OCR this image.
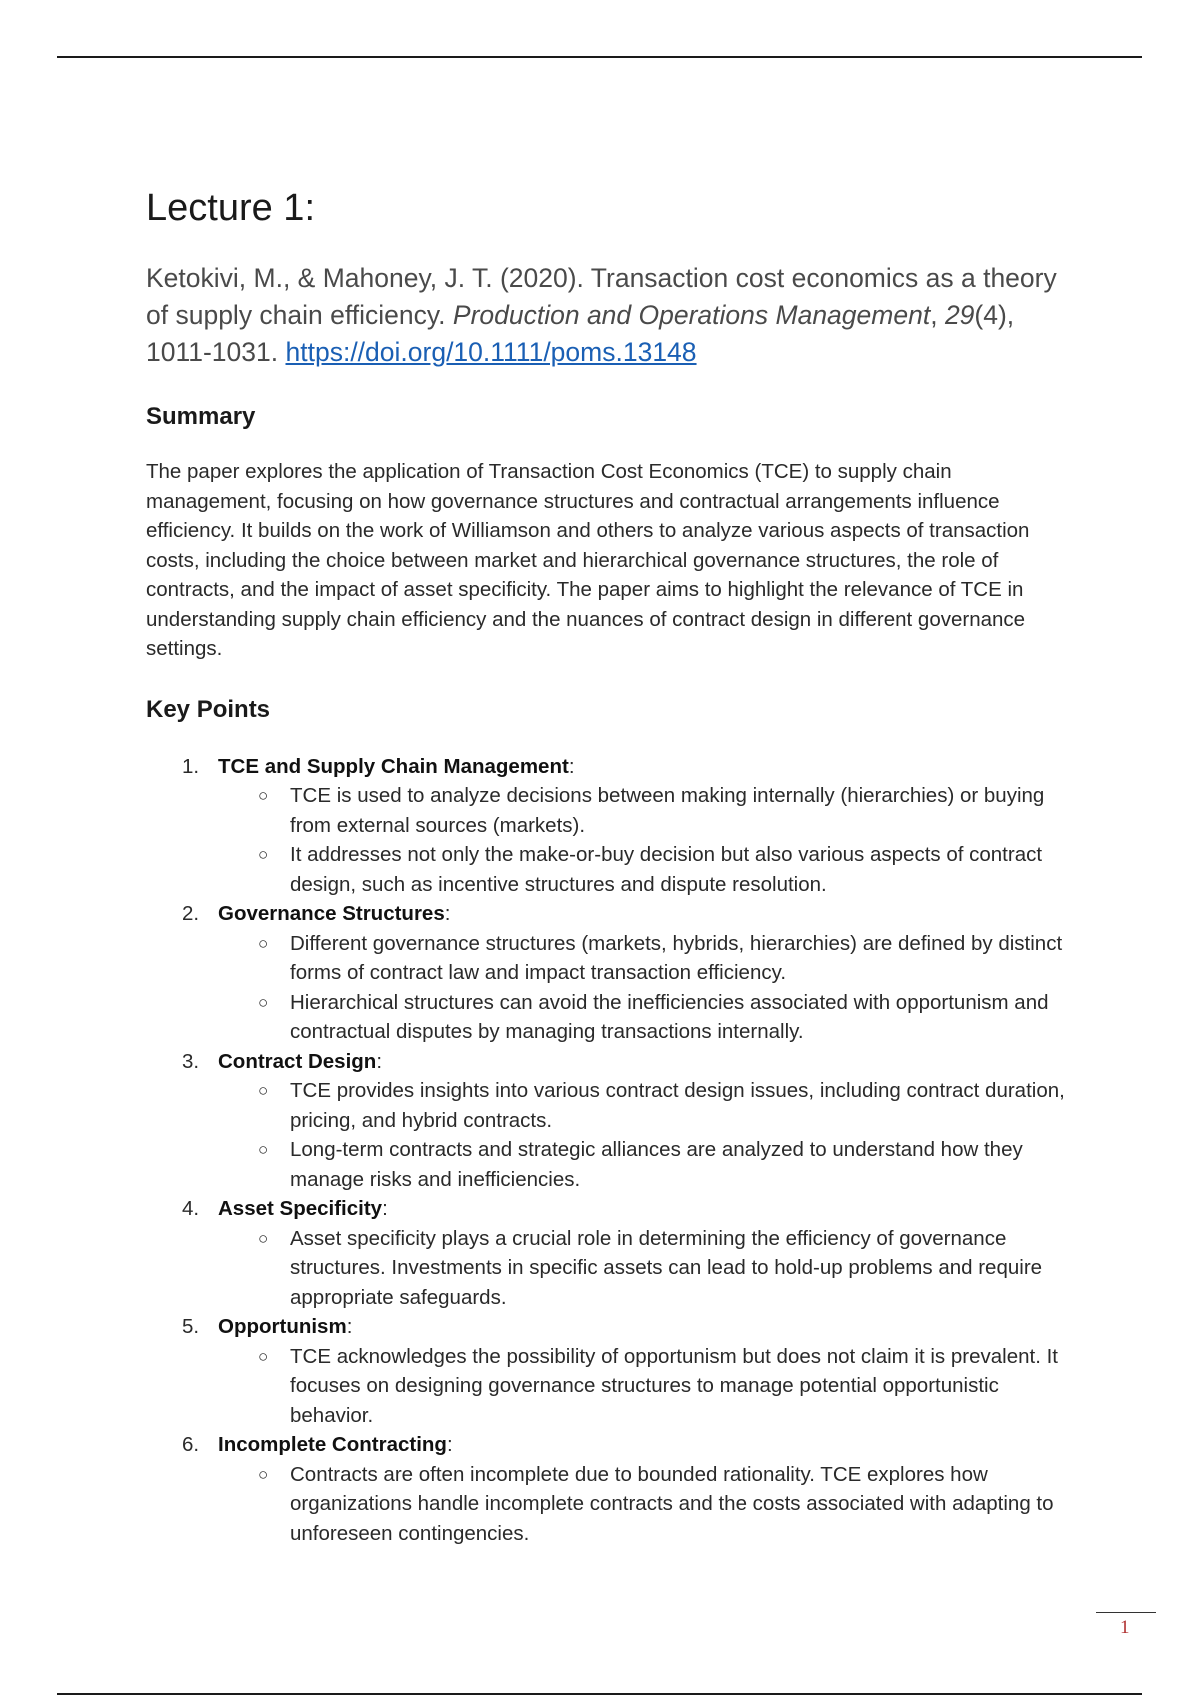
Lecture 1:
Ketokivi, M., & Mahoney, J. T. (2020). Transaction cost economics as a theory of supply chain efficiency. Production and Operations Management, 29(4), 1011-1031. https://doi.org/10.1111/poms.13148
Summary

The paper explores the application of Transaction Cost Economics (TCE) to supply chain management, focusing on how governance structures and contractual arrangements influence efficiency. It builds on the work of Williamson and others to analyze various aspects of transaction costs, including the choice between market and hierarchical governance structures, the role of contracts, and the impact of asset specificity. The paper aims to highlight the relevance of TCE in understanding supply chain efficiency and the nuances of contract design in different governance settings.

Key Points
1. TCE and Supply Chain Management:
○ TCE is used to analyze decisions between making internally (hierarchies) or buying from external sources (markets).
○ It addresses not only the make-or-buy decision but also various aspects of contract design, such as incentive structures and dispute resolution.
2. Governance Structures:
○ Different governance structures (markets, hybrids, hierarchies) are defined by distinct forms of contract law and impact transaction efficiency.
○ Hierarchical structures can avoid the inefficiencies associated with opportunism and contractual disputes by managing transactions internally.
3. Contract Design:
○ TCE provides insights into various contract design issues, including contract duration, pricing, and hybrid contracts.
○ Long-term contracts and strategic alliances are analyzed to understand how they manage risks and inefficiencies.
4. Asset Specificity:
○ Asset specificity plays a crucial role in determining the efficiency of governance structures. Investments in specific assets can lead to hold-up problems and require appropriate safeguards.
5. Opportunism:
○ TCE acknowledges the possibility of opportunism but does not claim it is prevalent. It focuses on designing governance structures to manage potential opportunistic behavior.
6. Incomplete Contracting:
○ Contracts are often incomplete due to bounded rationality. TCE explores how organizations handle incomplete contracts and the costs associated with adapting to unforeseen contingencies.
1
